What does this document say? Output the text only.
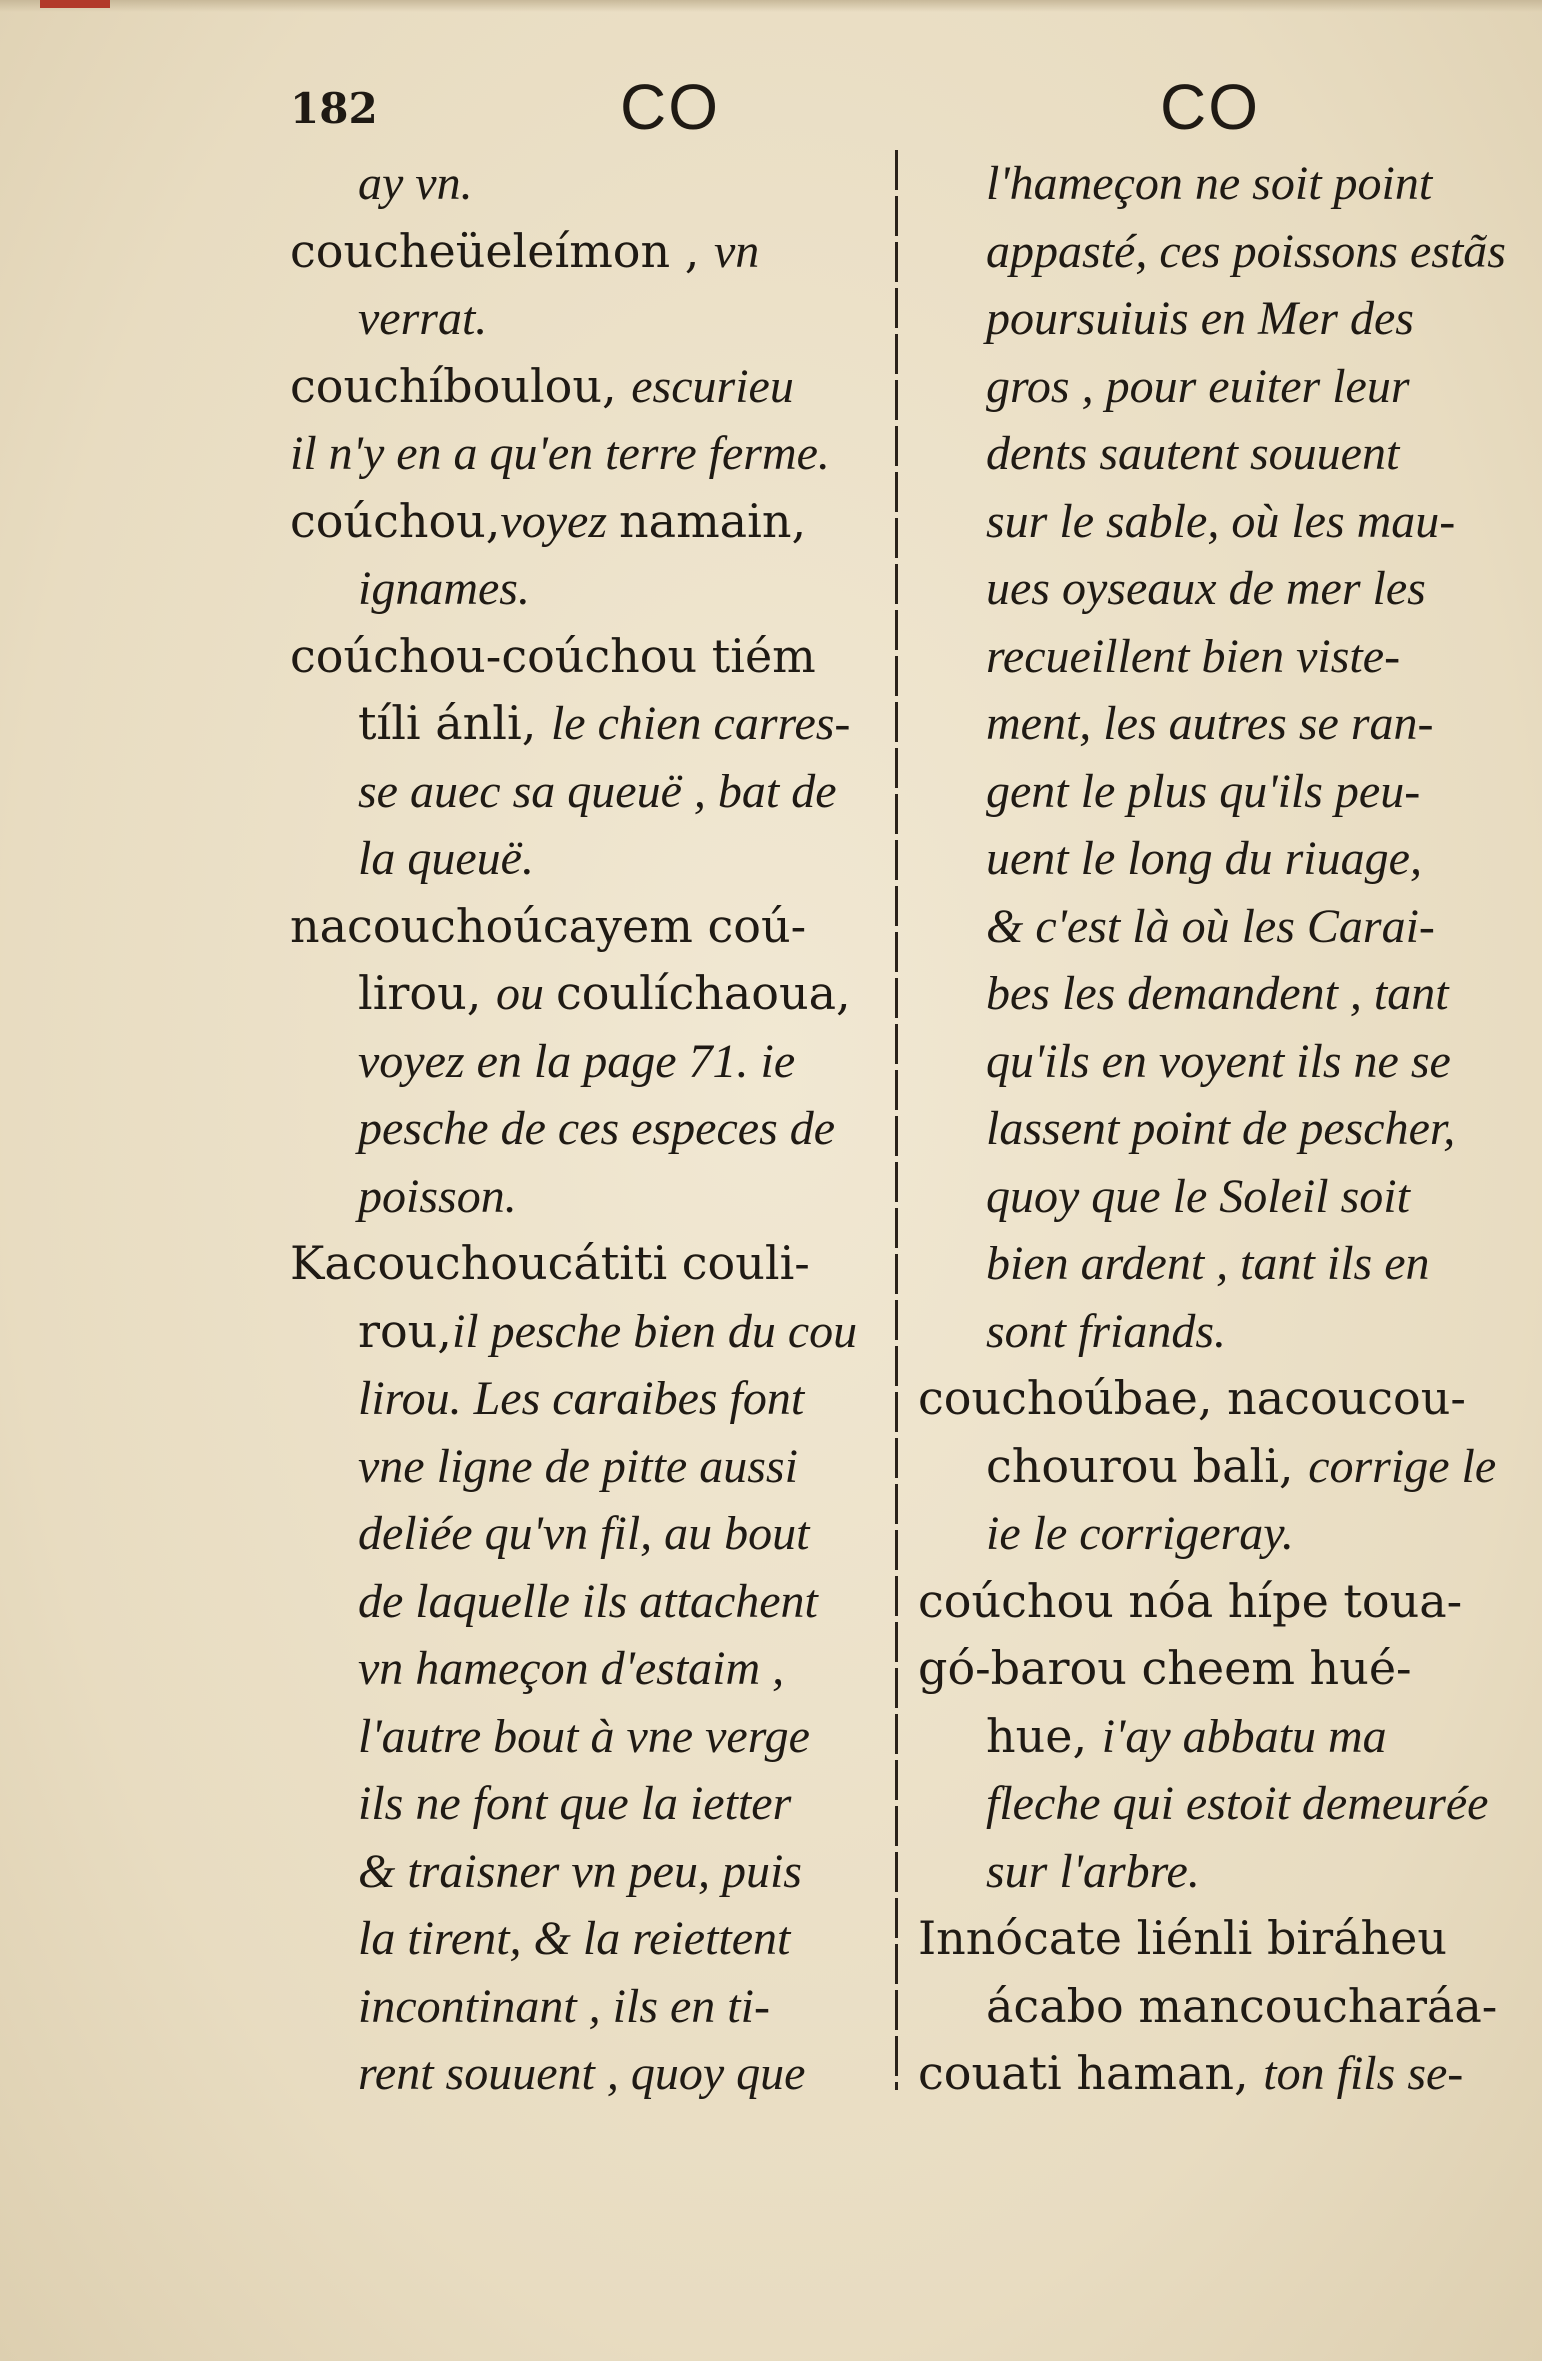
182	CO	CO
ay vn.
coucheüeleímon , vn
verrat.
couchíboulou, escurieu
il n'y en a qu'en terre ferme.
coúchou,voyez namain,
ignames.
coúchou-coúchou tiém
tíli ánli, le chien carres-
se auec sa queuë , bat de
la queuë.
nacouchoúcayem coú-
lirou, ou coulíchaoua,
voyez en la page 71. ie
pesche de ces especes de
poisson.
Kacouchoucátiti couli-
rou,il pesche bien du cou
lirou. Les caraibes font
vne ligne de pitte aussi
deliée qu'vn fil, au bout
de laquelle ils attachent
vn hameçon d'estaim ,
l'autre bout à vne verge
ils ne font que la ietter
& traisner vn peu, puis
la tirent, & la reiettent
incontinant , ils en ti-
rent souuent , quoy que
l'hameçon ne soit point
appasté, ces poissons estãs
poursuiuis en Mer des
gros , pour euiter leur
dents sautent souuent
sur le sable, où les mau-
ues oyseaux de mer les
recueillent bien viste-
ment, les autres se ran-
gent le plus qu'ils peu-
uent le long du riuage,
& c'est là où les Carai-
bes les demandent , tant
qu'ils en voyent ils ne se
lassent point de pescher,
quoy que le Soleil soit
bien ardent , tant ils en
sont friands.
couchoúbae, nacoucou-
chourou bali, corrige le
ie le corrigeray.
coúchou nóa hípe toua-
gó-barou cheem hué-
hue, i'ay abbatu ma
fleche qui estoit demeurée
sur l'arbre.
Innócate liénli biráheu
ácabo mancoucharáa-
couati haman, ton fils se-
